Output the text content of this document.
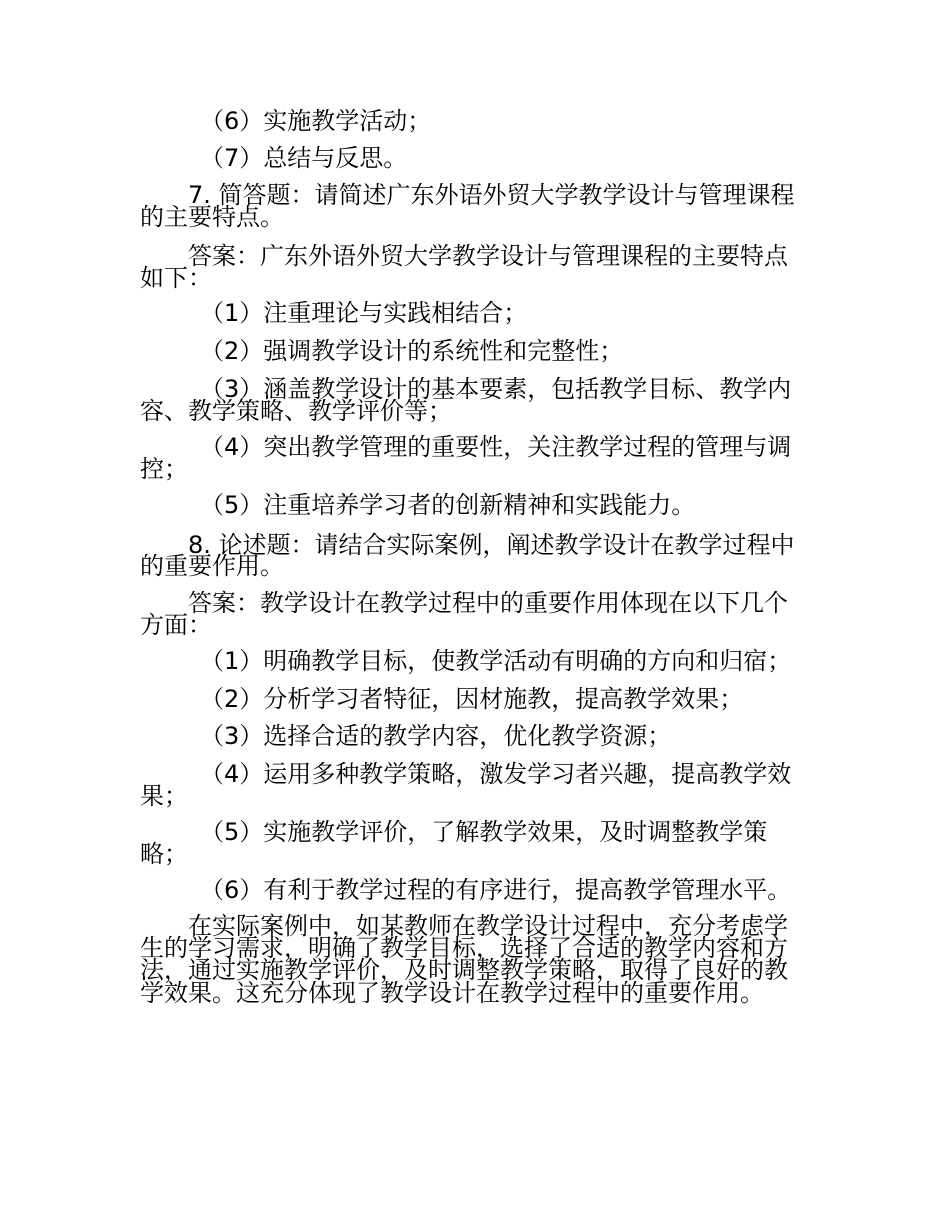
（6）实施教学活动；

（7）总结与反思。

7. 简答题：请简述广东外语外贸大学教学设计与管理课程

的主要特点。

答案：广东外语外贸大学教学设计与管理课程的主要特点

如下：

（1）注重理论与实践相结合；

（2）强调教学设计的系统性和完整性；

（3）涵盖教学设计的基本要素，包括教学目标、教学内

容、教学策略、教学评价等；

（4）突出教学管理的重要性，关注教学过程的管理与调

控；

（5）注重培养学习者的创新精神和实践能力。

8. 论述题：请结合实际案例，阐述教学设计在教学过程中

的重要作用。

答案：教学设计在教学过程中的重要作用体现在以下几个

方面：

（1）明确教学目标，使教学活动有明确的方向和归宿；

（2）分析学习者特征，因材施教，提高教学效果；

（3）选择合适的教学内容，优化教学资源；

（4）运用多种教学策略，激发学习者兴趣，提高教学效

果；

（5）实施教学评价，了解教学效果，及时调整教学策

略；

（6）有利于教学过程的有序进行，提高教学管理水平。

在实际案例中，如某教师在教学设计过程中，充分考虑学

生的学习需求，明确了教学目标，选择了合适的教学内容和方

法，通过实施教学评价，及时调整教学策略，取得了良好的教

学效果。这充分体现了教学设计在教学过程中的重要作用。
